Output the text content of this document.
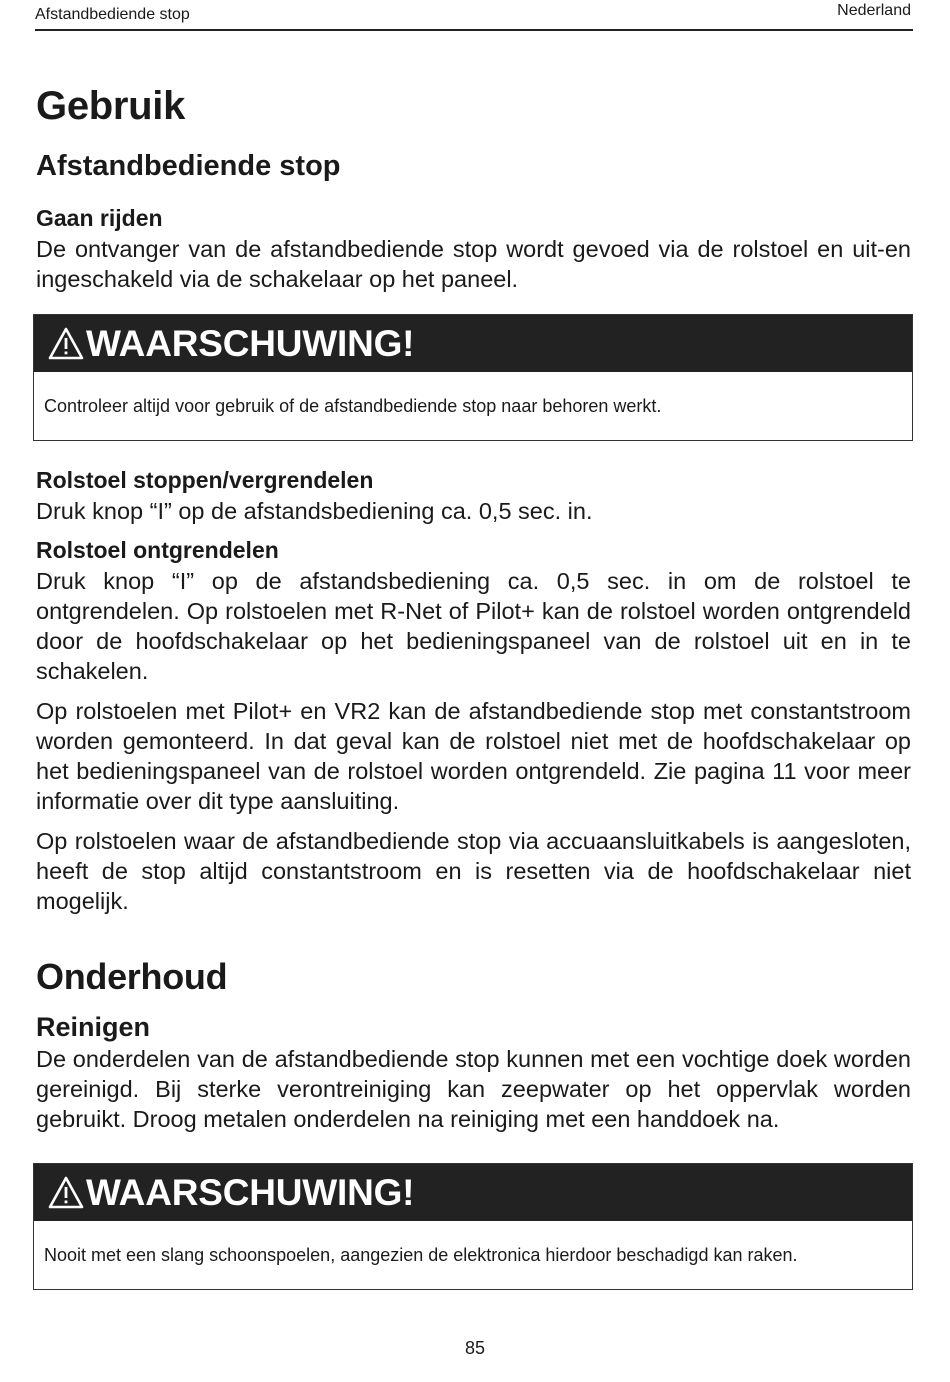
Afstandbediende stop	Nederland
Gebruik
Afstandbediende stop
Gaan rijden
De ontvanger van de afstandbediende stop wordt gevoed via de rolstoel en uit-en ingeschakeld via de schakelaar op het paneel.
WAARSCHUWING!
Controleer altijd voor gebruik of de afstandbediende stop naar behoren werkt.
Rolstoel stoppen/vergrendelen
Druk knop “I” op de afstandsbediening ca. 0,5 sec. in.
Rolstoel ontgrendelen
Druk knop “I” op de afstandsbediening ca. 0,5 sec. in om de rolstoel te ontgrendelen. Op rolstoelen met R-Net of Pilot+ kan de rolstoel worden ontgrendeld door de hoofdschakelaar op het bedieningspaneel van de rolstoel uit en in te schakelen.
Op rolstoelen met Pilot+ en VR2 kan de afstandbediende stop met constantstroom worden gemonteerd. In dat geval kan de rolstoel niet met de hoofdschakelaar op het bedieningspaneel van de rolstoel worden ontgrendeld. Zie pagina 11 voor meer informatie over dit type aansluiting.
Op rolstoelen waar de afstandbediende stop via accuaansluitkabels is aangesloten, heeft de stop altijd constantstroom en is resetten via de hoofdschakelaar niet mogelijk.
Onderhoud
Reinigen
De onderdelen van de afstandbediende stop kunnen met een vochtige doek worden gereinigd. Bij sterke verontreiniging kan zeepwater op het oppervlak worden gebruikt. Droog metalen onderdelen na reiniging met een handdoek na.
WAARSCHUWING!
Nooit met een slang schoonspoelen, aangezien de elektronica hierdoor beschadigd kan raken.
85
